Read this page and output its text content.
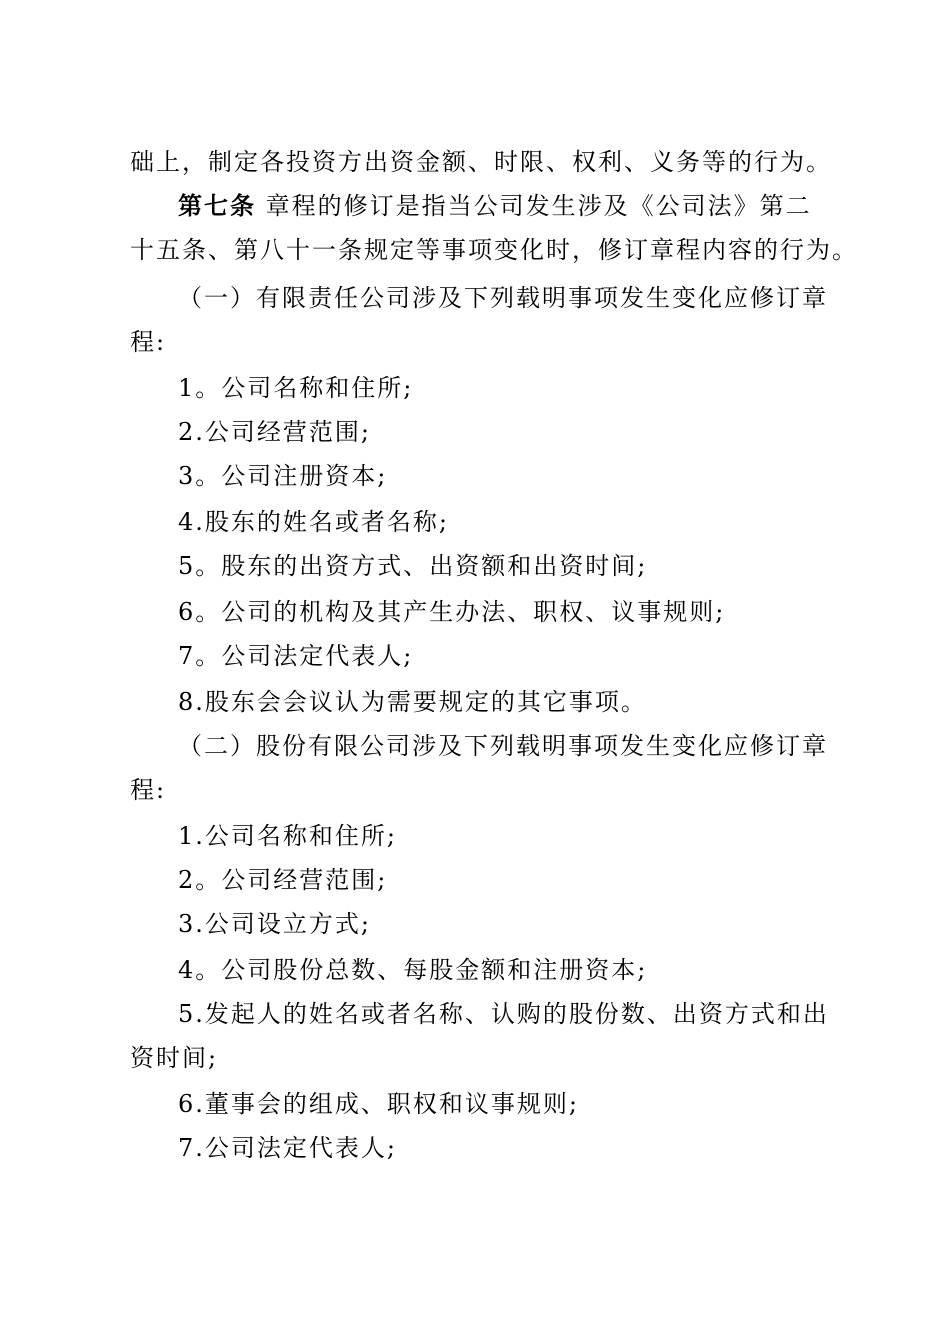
础上，制定各投资方出资金额、时限、权利、义务等的行为。
第七条 章程的修订是指当公司发生涉及《公司法》第二
十五条、第八十一条规定等事项变化时，修订章程内容的行为。
（一）有限责任公司涉及下列载明事项发生变化应修订章
程:
1。公司名称和住所;
2.公司经营范围;
3。公司注册资本;
4.股东的姓名或者名称;
5。股东的出资方式、出资额和出资时间;
6。公司的机构及其产生办法、职权、议事规则;
7。公司法定代表人;
8.股东会会议认为需要规定的其它事项。
（二）股份有限公司涉及下列载明事项发生变化应修订章
程:
1.公司名称和住所;
2。公司经营范围;
3.公司设立方式;
4。公司股份总数、每股金额和注册资本;
5.发起人的姓名或者名称、认购的股份数、出资方式和出
资时间;
6.董事会的组成、职权和议事规则;
7.公司法定代表人;
